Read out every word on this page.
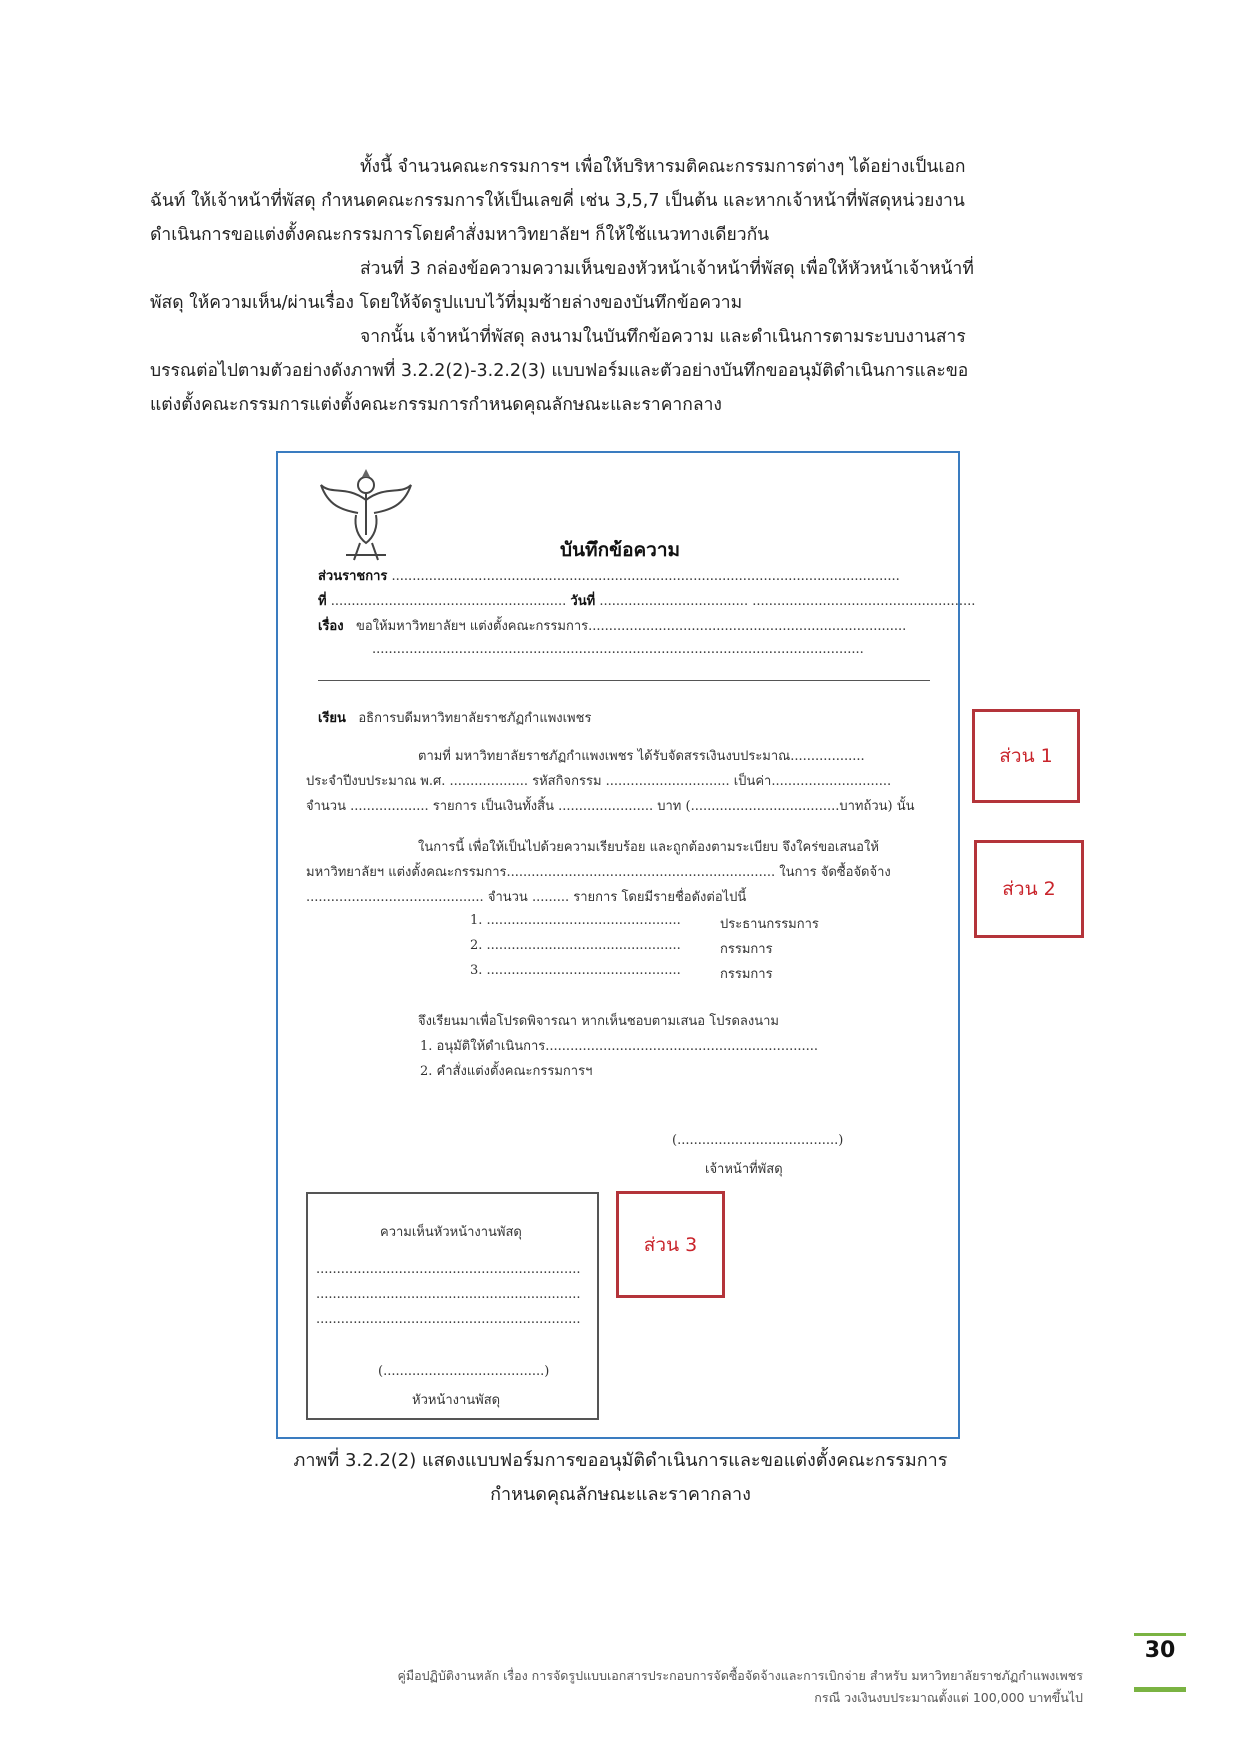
ทั้งนี้ จำนวนคณะกรรมการฯ เพื่อให้บริหารมติคณะกรรมการต่างๆ ได้อย่างเป็นเอก
ฉันท์ ให้เจ้าหน้าที่พัสดุ กำหนดคณะกรรมการให้เป็นเลขคี่ เช่น 3,5,7 เป็นต้น และหากเจ้าหน้าที่พัสดุหน่วยงาน
ดำเนินการขอแต่งตั้งคณะกรรมการโดยคำสั่งมหาวิทยาลัยฯ ก็ให้ใช้แนวทางเดียวกัน
ส่วนที่ 3 กล่องข้อความความเห็นของหัวหน้าเจ้าหน้าที่พัสดุ เพื่อให้หัวหน้าเจ้าหน้าที่
พัสดุ ให้ความเห็น/ผ่านเรื่อง โดยให้จัดรูปแบบไว้ที่มุมซ้ายล่างของบันทึกข้อความ
จากนั้น เจ้าหน้าที่พัสดุ ลงนามในบันทึกข้อความ และดำเนินการตามระบบงานสาร
บรรณต่อไปตามตัวอย่างดังภาพที่ 3.2.2(2)-3.2.2(3) แบบฟอร์มและตัวอย่างบันทึกขออนุมัติดำเนินการและขอ
แต่งตั้งคณะกรรมการแต่งตั้งคณะกรรมการกำหนดคุณลักษณะและราคากลาง
บันทึกข้อความ
ส่วนราชการ ...........................................................................................................................
ที่ ......................................................... วันที่ .................................... ......................................................
เรื่อง ขอให้มหาวิทยาลัยฯ แต่งตั้งคณะกรรมการ.............................................................................
.......................................................................................................................
เรียน อธิการบดีมหาวิทยาลัยราชภัฏกำแพงเพชร
ตามที่ มหาวิทยาลัยราชภัฏกำแพงเพชร ได้รับจัดสรรเงินงบประมาณ..................
ประจำปีงบประมาณ พ.ศ. ................... รหัสกิจกรรม .............................. เป็นค่า.............................
จำนวน ................... รายการ เป็นเงินทั้งสิ้น ....................... บาท (....................................บาทถ้วน) นั้น
ในการนี้ เพื่อให้เป็นไปด้วยความเรียบร้อย และถูกต้องตามระเบียบ จึงใคร่ขอเสนอให้
มหาวิทยาลัยฯ แต่งตั้งคณะกรรมการ................................................................. ในการ จัดซื้อจัดจ้าง
........................................... จำนวน ......... รายการ โดยมีรายชื่อดังต่อไปนี้
1. ...............................................	ประธานกรรมการ
2. ...............................................	กรรมการ
3. ...............................................	กรรมการ
จึงเรียนมาเพื่อโปรดพิจารณา หากเห็นชอบตามเสนอ โปรดลงนาม
1. อนุมัติให้ดำเนินการ..................................................................
2. คำสั่งแต่งตั้งคณะกรรมการฯ
(.......................................)
เจ้าหน้าที่พัสดุ
ความเห็นหัวหน้างานพัสดุ
................................................................
................................................................
................................................................
(.......................................)
หัวหน้างานพัสดุ
ส่วน 1
ส่วน 2
ส่วน 3
ภาพที่ 3.2.2(2) แสดงแบบฟอร์มการขออนุมัติดำเนินการและขอแต่งตั้งคณะกรรมการ
กำหนดคุณลักษณะและราคากลาง
คู่มือปฏิบัติงานหลัก เรื่อง การจัดรูปแบบเอกสารประกอบการจัดซื้อจัดจ้างและการเบิกจ่าย สำหรับ มหาวิทยาลัยราชภัฏกำแพงเพชร
กรณี วงเงินงบประมาณตั้งแต่ 100,000 บาทขึ้นไป
30
